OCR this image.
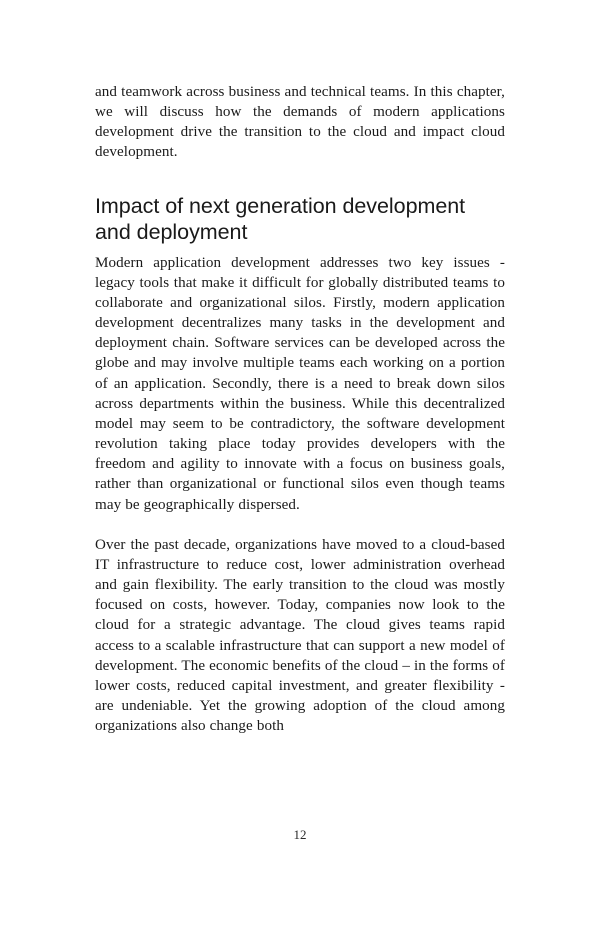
and teamwork across business and technical teams. In this chapter, we will discuss how the demands of modern applications development drive the transition to the cloud and impact cloud development.

Impact of next generation development and deployment

Modern application development addresses two key issues - legacy tools that make it difficult for globally distributed teams to collaborate and organizational silos. Firstly, modern application development decentralizes many tasks in the development and deployment chain. Software services can be developed across the globe and may involve multiple teams each working on a portion of an application. Secondly, there is a need to break down silos across departments within the business. While this decentralized model may seem to be contradictory, the software development revolution taking place today provides developers with the freedom and agility to innovate with a focus on business goals, rather than organizational or functional silos even though teams may be geographically dispersed.

Over the past decade, organizations have moved to a cloud-based IT infrastructure to reduce cost, lower administration overhead and gain flexibility. The early transition to the cloud was mostly focused on costs, however. Today, companies now look to the cloud for a strategic advantage. The cloud gives teams rapid access to a scalable infrastructure that can support a new model of development. The economic benefits of the cloud – in the forms of lower costs, reduced capital investment, and greater flexibility - are undeniable. Yet the growing adoption of the cloud among organizations also change both

12
